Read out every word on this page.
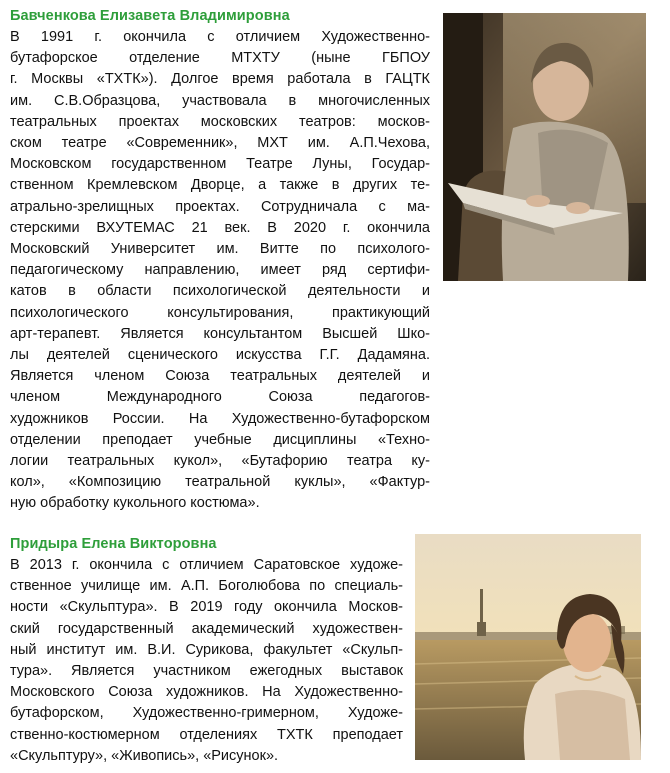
Бавченкова Елизавета Владимировна
В 1991 г. окончила с отличием Художественно-
бутафорское отделение МТХТУ (ныне ГБПОУ
г. Москвы «ТХТК»). Долгое время работала в ГАЦТК
им. С.В.Образцова, участвовала в многочисленных
театральных проектах московских театров: москов-
ском театре «Современник», МХТ им. А.П.Чехова,
Московском государственном Театре Луны, Государ-
ственном Кремлевском Дворце, а также в других те-
атрально-зрелищных проектах. Сотрудничала с ма-
стерскими ВХУТЕМАС 21 век. В 2020 г. окончила
Московский Университет им. Витте по психолого-
педагогическому направлению, имеет ряд сертифи-
катов в области психологической деятельности и
психологического консультирования, практикующий
арт-терапевт. Является консультантом Высшей Шко-
лы деятелей сценического искусства Г.Г. Дадамяна.
Является членом Союза театральных деятелей и
членом Международного Союза педагогов-
художников России. На Художественно-бутафорском
отделении преподает учебные дисциплины «Техно-
логии театральных кукол», «Бутафорию театра ку-
кол», «Композицию театральной куклы», «Фактур-
ную обработку кукольного костюма».
Придыра Елена Викторовна
В 2013 г. окончила с отличием Саратовское художе-
ственное училище им. А.П. Боголюбова по специаль-
ности «Скульптура». В 2019 году окончила Москов-
ский государственный академический художествен-
ный институт им. В.И. Сурикова, факультет «Скульп-
тура». Является участником ежегодных выставок
Московского Союза художников. На Художественно-
бутафорском, Художественно-гримерном, Художе-
ственно-костюмерном отделениях ТХТК преподает
«Скульптуру», «Живопись», «Рисунок».
